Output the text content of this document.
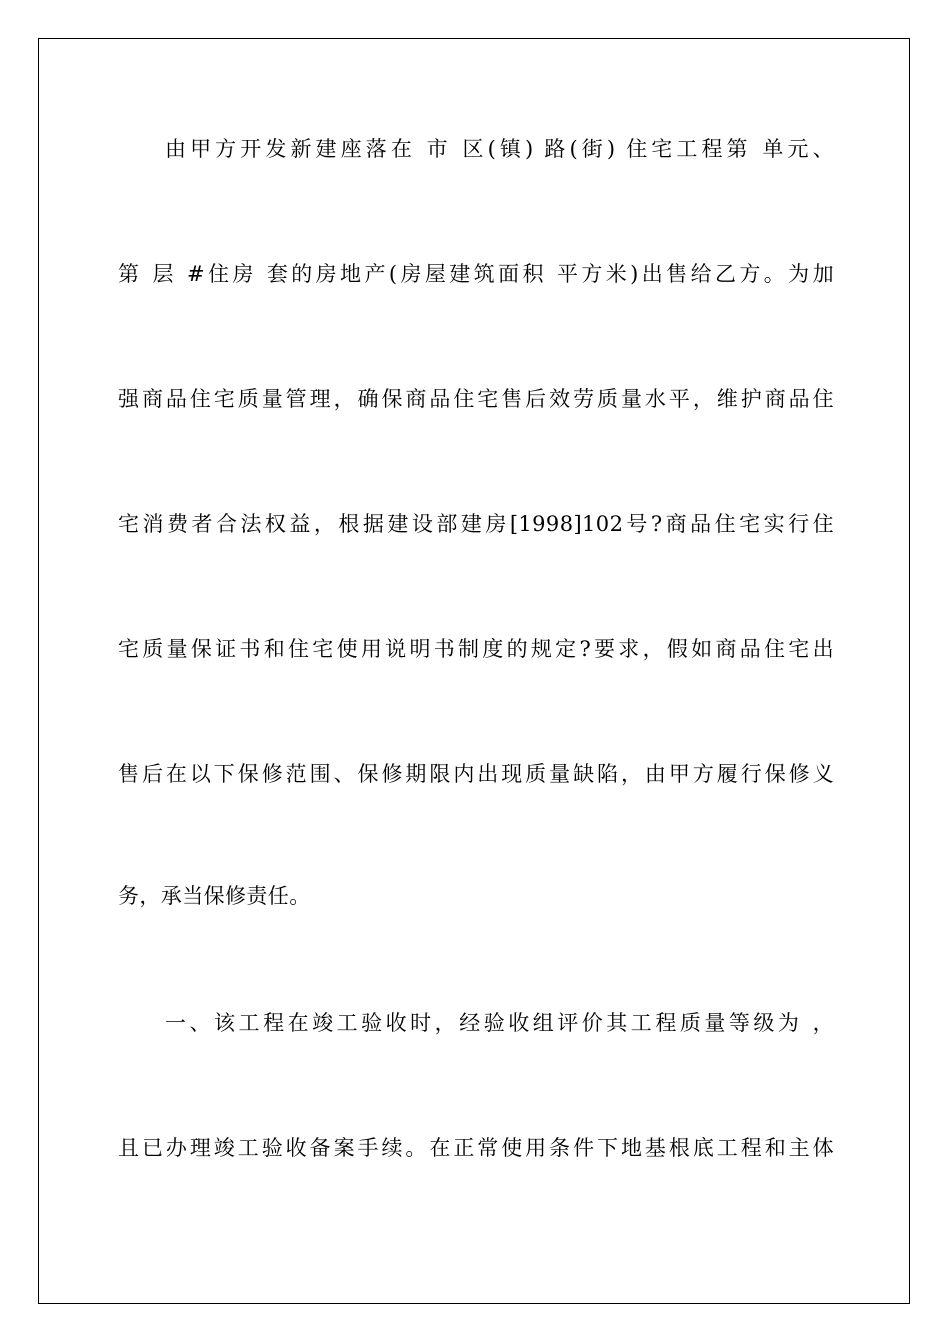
由甲方开发新建座落在 市 区(镇) 路(街) 住宅工程第 单元、
第 层 #住房 套的房地产(房屋建筑面积 平方米)出售给乙方。为加
强商品住宅质量管理，确保商品住宅售后效劳质量水平，维护商品住
宅消费者合法权益，根据建设部建房[1998]102号?商品住宅实行住
宅质量保证书和住宅使用说明书制度的规定?要求，假如商品住宅出
售后在以下保修范围、保修期限内出现质量缺陷，由甲方履行保修义
务，承当保修责任。
一、该工程在竣工验收时，经验收组评价其工程质量等级为 ，
且已办理竣工验收备案手续。在正常使用条件下地基根底工程和主体
